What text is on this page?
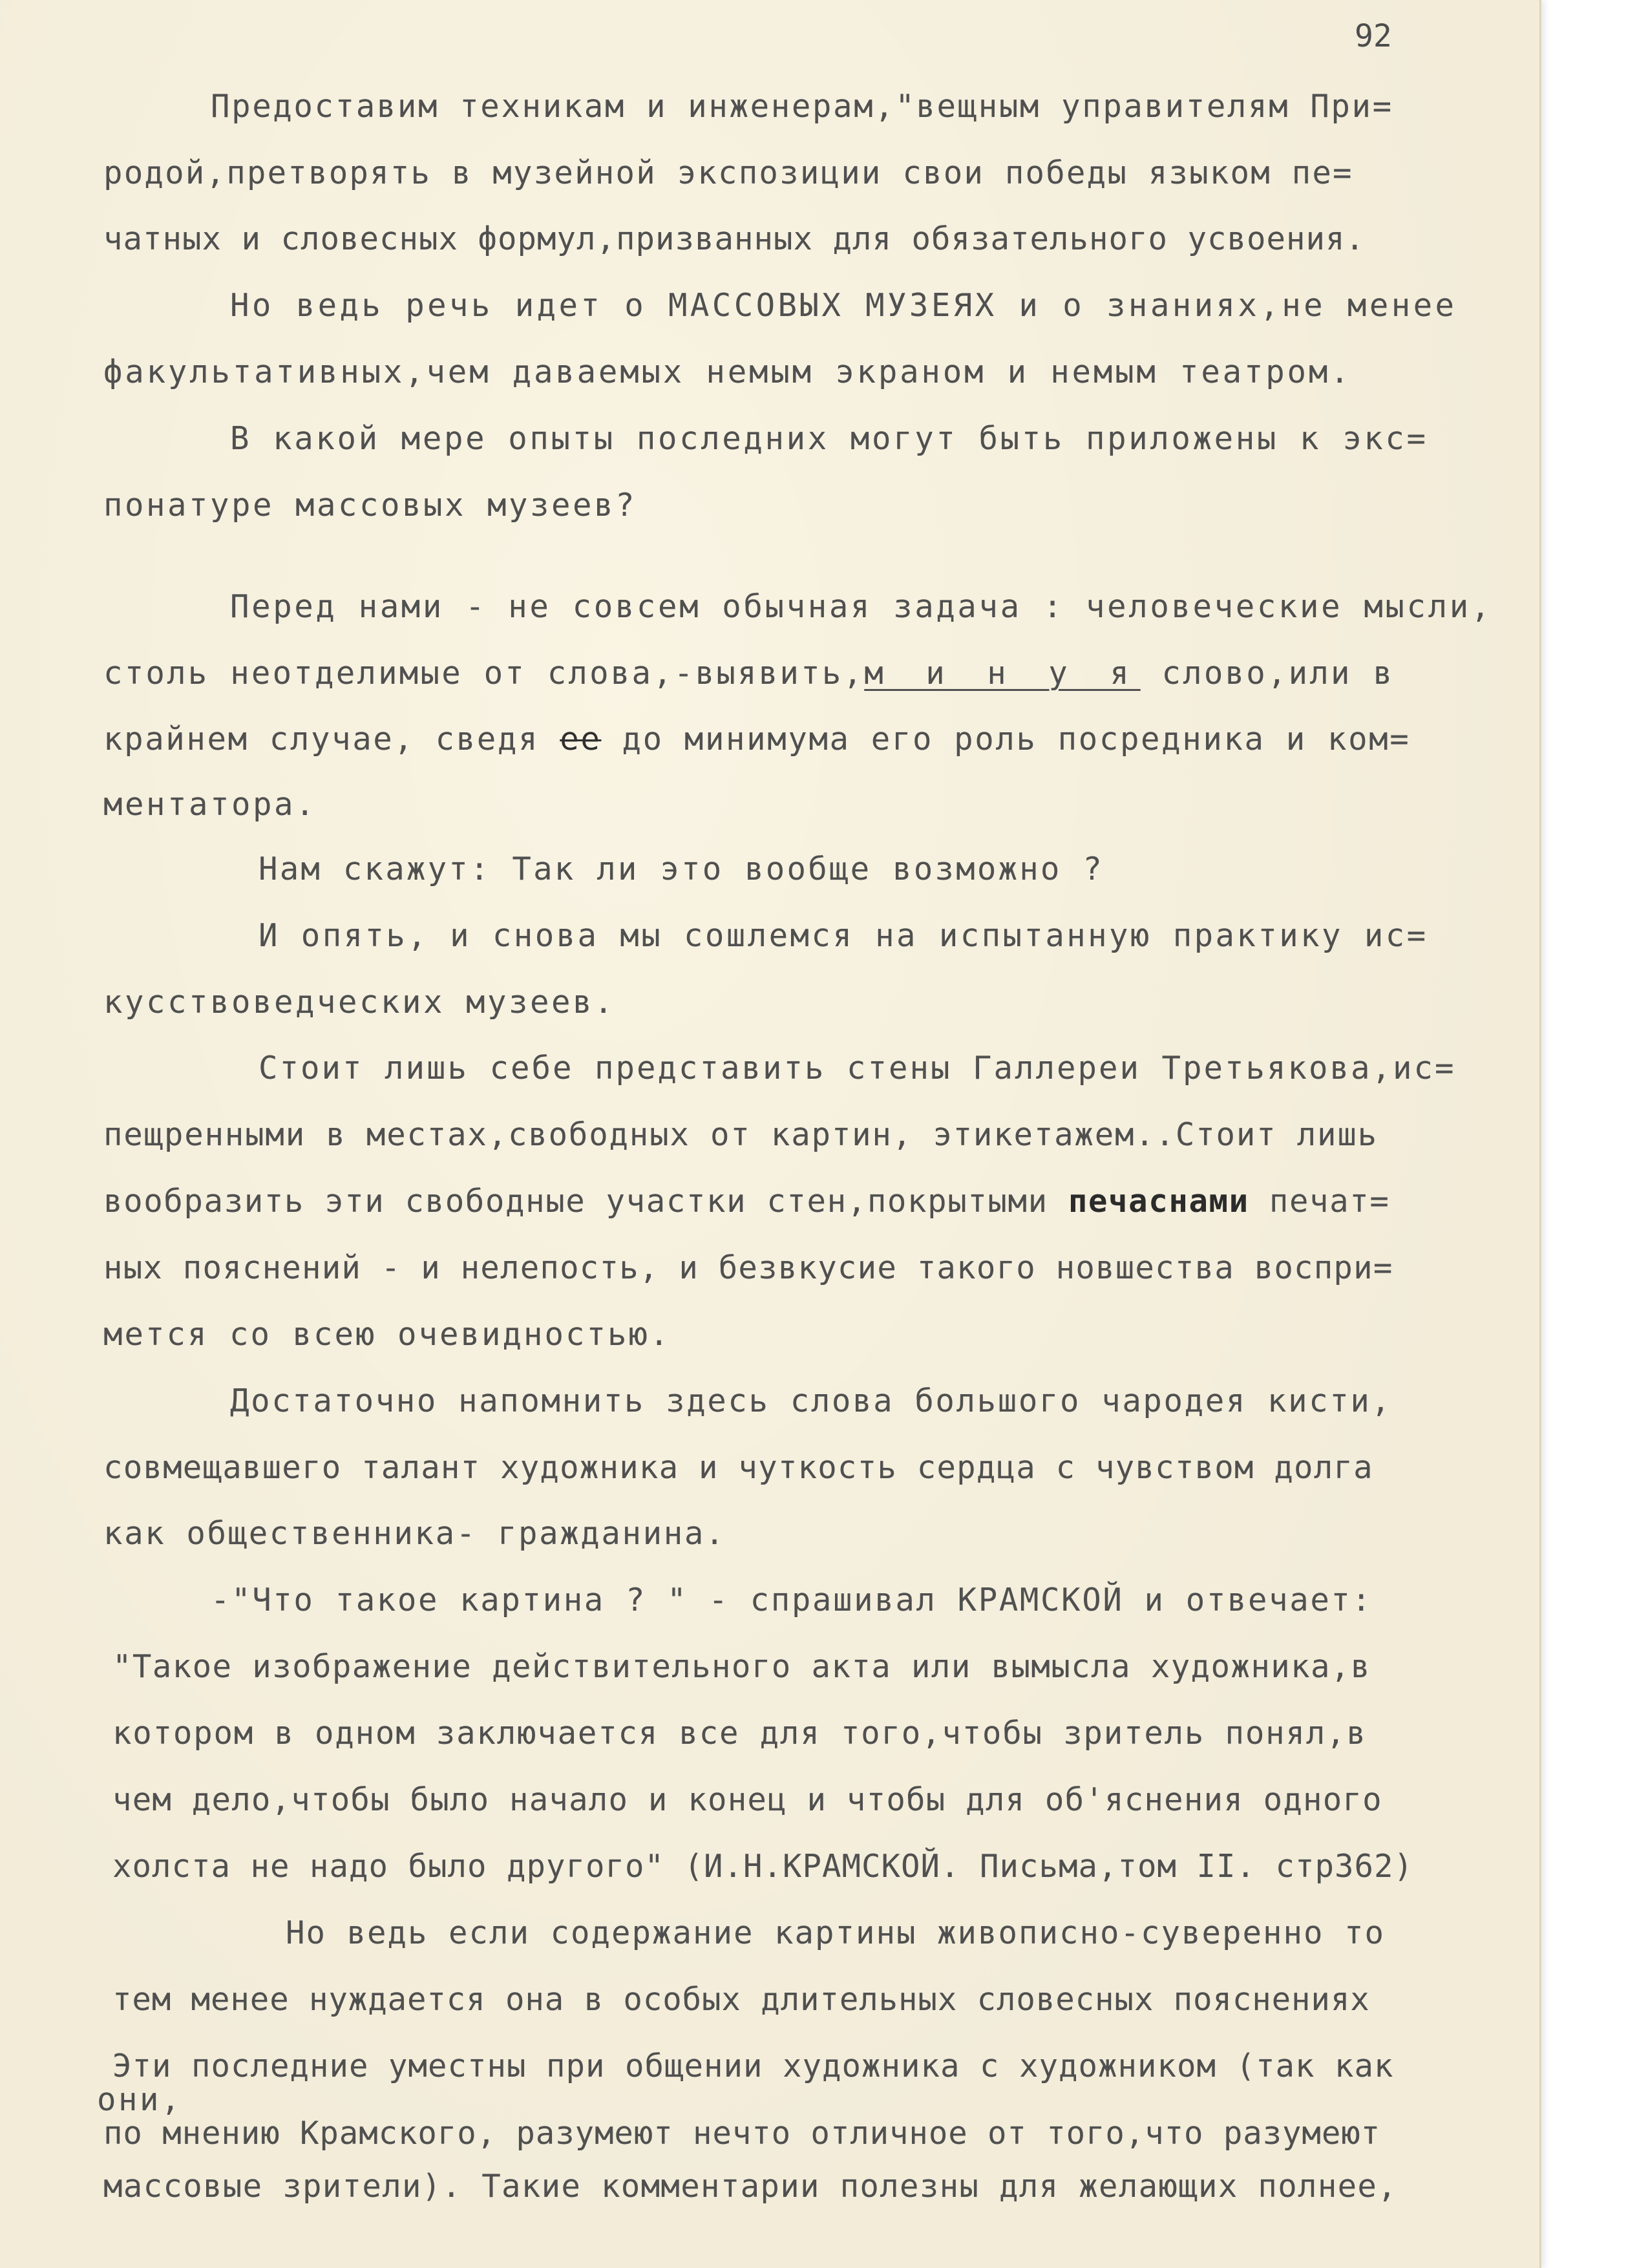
92
Предоставим техникам и инженерам,"вещным управителям При=
родой,претворять в музейной экспозиции свои победы языком пе=
чатных и словесных формул,призванных для обязательного усвоения.
Но ведь речь идет о МАССОВЫХ МУЗЕЯХ и о знаниях,не менее
факультативных,чем даваемых немым экраном и немым театром.
В какой мере опыты последних могут быть приложены к экс=
понатуре массовых музеев?
Перед нами - не совсем обычная задача : человеческие мысли,
столь неотделимые от слова,-выявить,м и н у я слово,или в
крайнем случае, сведя ее до минимума его роль посредника и ком=
ментатора.
Нам скажут: Так ли это вообще возможно ?
И опять, и снова мы сошлемся на испытанную практику ис=
кусствоведческих музеев.
Стоит лишь себе представить стены Галлереи Третьякова,ис=
пещренными в местах,свободных от картин, этикетажем..Стоит лишь
вообразить эти свободные участки стен,покрытыми печаснами печат=
ных пояснений - и нелепость, и безвкусие такого новшества воспри=
мется со всею очевидностью.
Достаточно напомнить здесь слова большого чародея кисти,
совмещавшего талант художника и чуткость сердца с чувством долга
как общественника- гражданина.
-"Что такое картина ? " - спрашивал КРАМСКОЙ и отвечает:
"Такое изображение действительного акта или вымысла художника,в
котором в одном заключается все для того,чтобы зритель понял,в
чем дело,чтобы было начало и конец и чтобы для об'яснения одного
холста не надо было другого" (И.Н.КРАМСКОЙ. Письма,том II. стр362)
Но ведь если содержание картины живописно-суверенно то
тем менее нуждается она в особых длительных словесных пояснениях
Эти последние уместны при общении художника с художником (так как
они,
по мнению Крамского, разумеют нечто отличное от того,что разумеют
массовые зрители). Такие комментарии полезны для желающих полнее,
